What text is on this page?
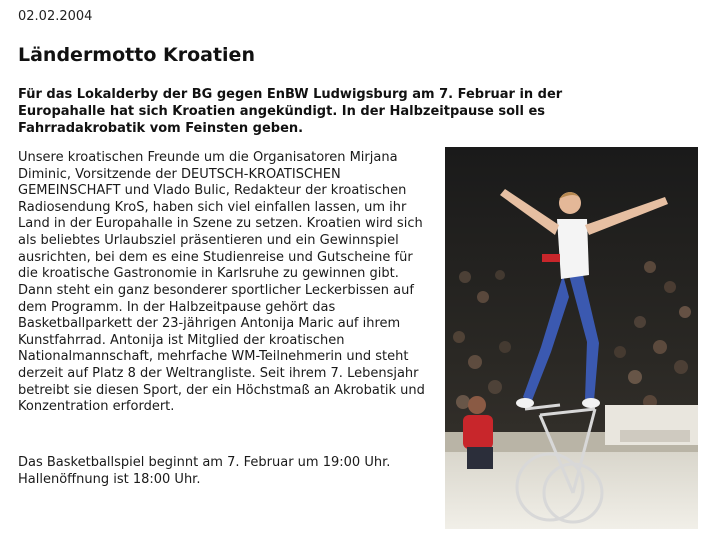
02.02.2004
Ländermotto Kroatien

Für das Lokalderby der BG gegen EnBW Ludwigsburg am 7. Februar in der Europahalle hat sich Kroatien angekündigt. In der Halbzeitpause soll es Fahrradakrobatik vom Feinsten geben.

Unsere kroatischen Freunde um die Organisatoren Mirjana Diminic, Vorsitzende der DEUTSCH-KROATISCHEN GEMEINSCHAFT und Vlado Bulic, Redakteur der kroatischen Radiosendung KroS, haben sich viel einfallen lassen, um ihr Land in der Europahalle in Szene zu setzen. Kroatien wird sich als beliebtes Urlaubsziel präsentieren und ein Gewinnspiel ausrichten, bei dem es eine Studienreise und Gutscheine für die kroatische Gastronomie in Karlsruhe zu gewinnen gibt.

Dann steht ein ganz besonderer sportlicher Leckerbissen auf dem Programm. In der Halbzeitpause gehört das Basketballparkett der 23-jährigen Antonija Maric auf ihrem Kunstfahrrad. Antonija ist Mitglied der kroatischen Nationalmannschaft, mehrfache WM-Teilnehmerin und steht derzeit auf Platz 8 der Weltrangliste. Seit ihrem 7. Lebensjahr betreibt sie diesen Sport, der ein Höchstmaß an Akrobatik und Konzentration erfordert.

Das Basketballspiel beginnt am 7. Februar um 19:00 Uhr. Hallenöffnung ist 18:00 Uhr.
